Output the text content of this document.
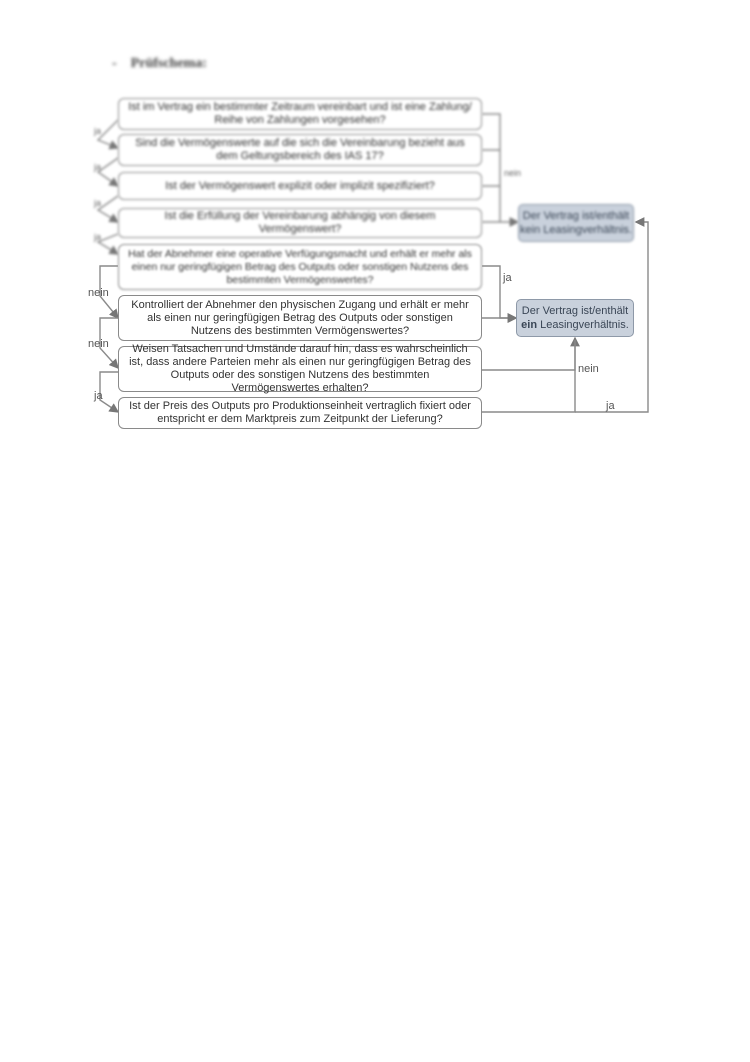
- Prüfschema:
Ist im Vertrag ein bestimmter Zeitraum vereinbart und ist eine Zahlung/ Reihe von Zahlungen vorgesehen?
Sind die Vermögenswerte auf die sich die Vereinbarung bezieht aus dem Geltungsbereich des IAS 17?
Ist der Vermögenswert explizit oder implizit spezifiziert?
Ist die Erfüllung der Vereinbarung abhängig von diesem Vermögenswert?
Hat der Abnehmer eine operative Verfügungsmacht und erhält er mehr als einen nur geringfügigen Betrag des Outputs oder sonstigen Nutzens des bestimmten Vermögenswertes?
Kontrolliert der Abnehmer den physischen Zugang und erhält er mehr als einen nur geringfügigen Betrag des Outputs oder sonstigen Nutzens des bestimmten Vermögenswertes?
Weisen Tatsachen und Umstände darauf hin, dass es wahrscheinlich ist, dass andere Parteien mehr als einen nur geringfügigen Betrag des Outputs oder des sonstigen Nutzens des bestimmten Vermögenswertes erhalten?
Ist der Preis des Outputs pro Produktionseinheit vertraglich fixiert oder entspricht er dem Marktpreis zum Zeitpunkt der Lieferung?
Der Vertrag ist/enthält
kein Leasingverhältnis.
Der Vertrag ist/enthält
ein Leasingverhältnis.
ja
ja
ja
ja
nein
ja
nein
nein
ja
nein
ja
